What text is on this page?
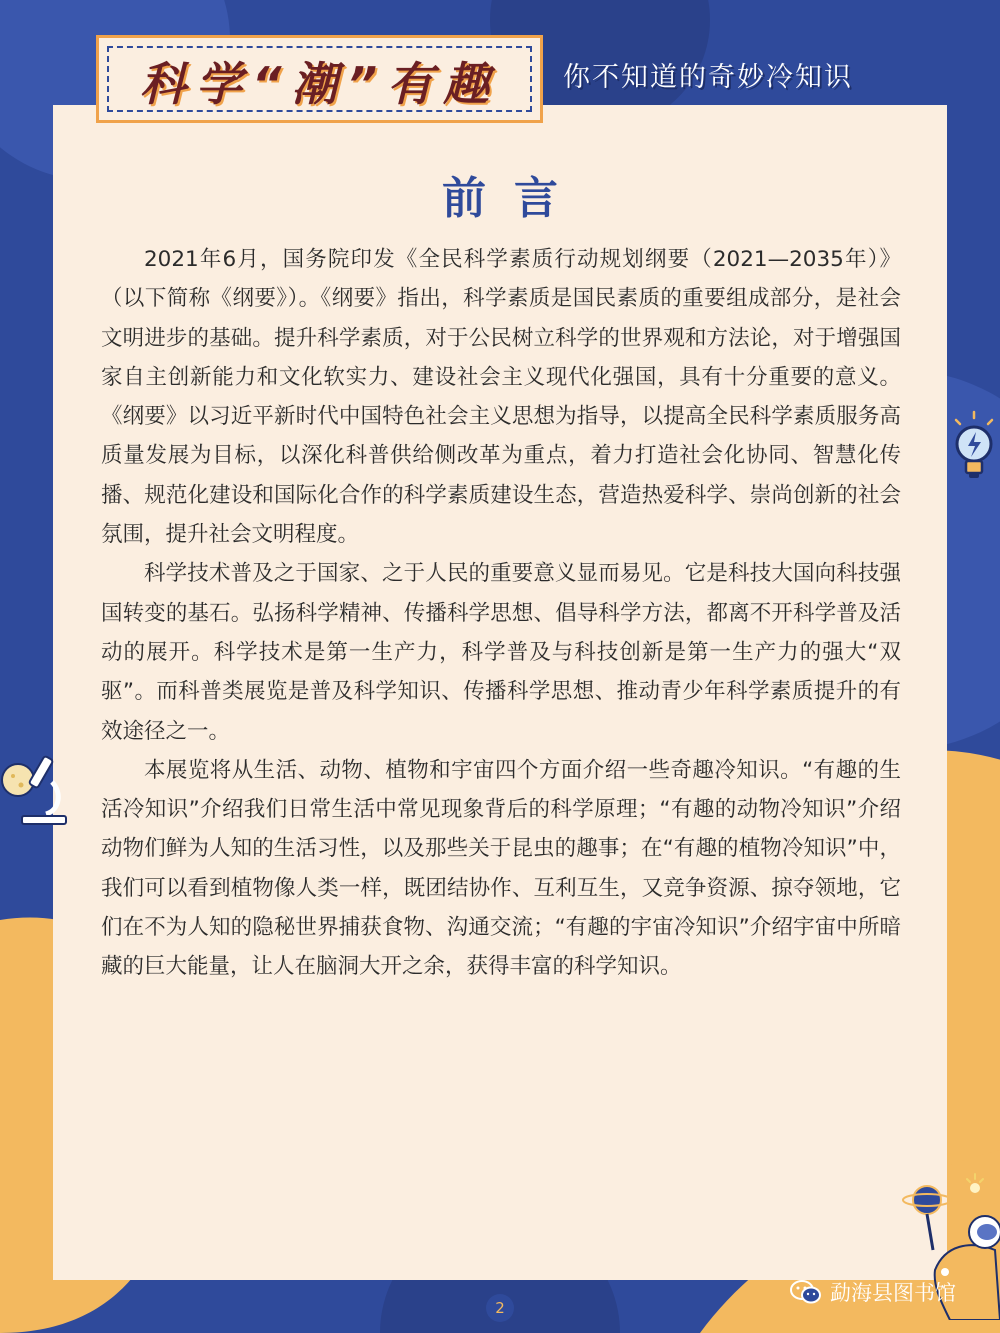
科学“潮”有趣	你不知道的奇妙冷知识
前言

2021年6月，国务院印发《全民科学素质行动规划纲要（2021—2035年）》（以下简称《纲要》）。《纲要》指出，科学素质是国民素质的重要组成部分，是社会文明进步的基础。提升科学素质，对于公民树立科学的世界观和方法论，对于增强国家自主创新能力和文化软实力、建设社会主义现代化强国，具有十分重要的意义。《纲要》以习近平新时代中国特色社会主义思想为指导，以提高全民科学素质服务高质量发展为目标，以深化科普供给侧改革为重点，着力打造社会化协同、智慧化传播、规范化建设和国际化合作的科学素质建设生态，营造热爱科学、崇尚创新的社会氛围，提升社会文明程度。

科学技术普及之于国家、之于人民的重要意义显而易见。它是科技大国向科技强国转变的基石。弘扬科学精神、传播科学思想、倡导科学方法，都离不开科学普及活动的展开。科学技术是第一生产力，科学普及与科技创新是第一生产力的强大“双驱”。而科普类展览是普及科学知识、传播科学思想、推动青少年科学素质提升的有效途径之一。

本展览将从生活、动物、植物和宇宙四个方面介绍一些奇趣冷知识。“有趣的生活冷知识”介绍我们日常生活中常见现象背后的科学原理；“有趣的动物冷知识”介绍动物们鲜为人知的生活习性，以及那些关于昆虫的趣事；在“有趣的植物冷知识”中，我们可以看到植物像人类一样，既团结协作、互利互生，又竞争资源、掠夺领地，它们在不为人知的隐秘世界捕获食物、沟通交流；“有趣的宇宙冷知识”介绍宇宙中所暗藏的巨大能量，让人在脑洞大开之余，获得丰富的科学知识。

2
勐海县图书馆
